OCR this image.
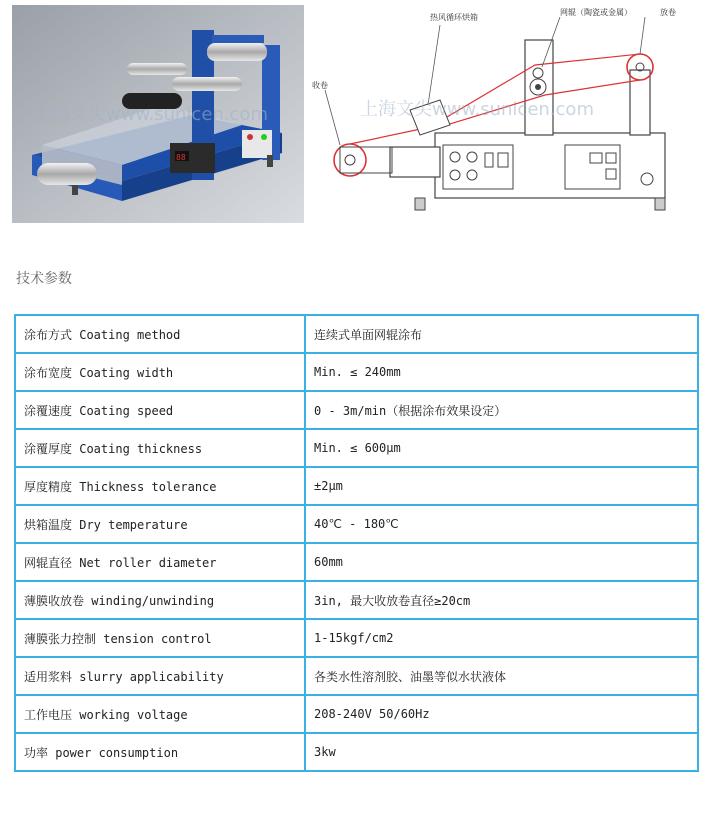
88
上海文尖www.sunicen.com
热风循环烘箱
网辊（陶瓷或金属）	放卷
收卷
上海文尖www.sunicen.com
技术参数
涂布方式 Coating method	连续式单面网辊涂布
涂布宽度 Coating width	Min. ≤ 240mm
涂覆速度 Coating speed	0 - 3m/min（根据涂布效果设定）
涂覆厚度 Coating thickness	Min. ≤ 600μm
厚度精度 Thickness tolerance	±2μm
烘箱温度 Dry temperature	40℃ - 180℃
网辊直径 Net roller diameter	60mm
薄膜收放卷 winding/unwinding	3in, 最大收放卷直径≥20cm
薄膜张力控制 tension control	1-15kgf/cm2
适用浆料 slurry applicability	各类水性溶剂胶、油墨等似水状液体
工作电压 working voltage	208-240V 50/60Hz
功率 power consumption	3kw
